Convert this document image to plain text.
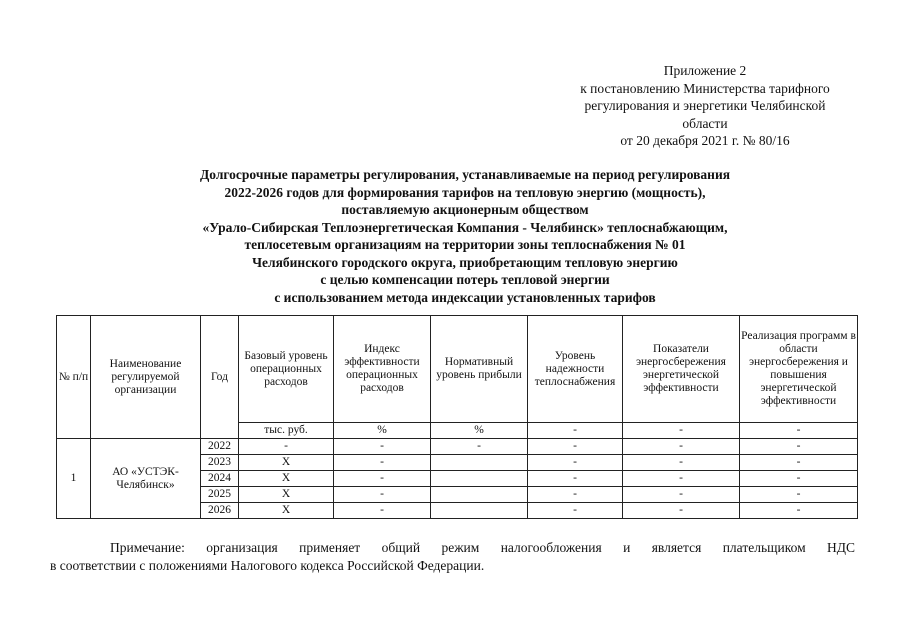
Приложение 2
к постановлению Министерства тарифного
регулирования и энергетики Челябинской
области
от 20 декабря 2021 г. № 80/16
Долгосрочные параметры регулирования, устанавливаемые на период регулирования
2022-2026 годов для формирования тарифов на тепловую энергию (мощность),
поставляемую акционерным обществом
«Урало-Сибирская Теплоэнергетическая Компания - Челябинск» теплоснабжающим,
теплосетевым организациям на территории зоны теплоснабжения № 01
Челябинского городского округа, приобретающим тепловую энергию
с целью компенсации потерь тепловой энергии
с использованием метода индексации установленных тарифов
№ п/п	Наименование регулируемой организации	Год	Базовый уровень операционных расходов	Индекс эффективности операционных расходов	Нормативный уровень прибыли	Уровень надежности теплоснабжения	Показатели энергосбережения энергетической эффективности	Реализация программ в области энергосбережения и повышения энергетической эффективности
			тыс. руб.	%	%	-	-	-
1	АО «УСТЭК-Челябинск»	2022	-	-	-	-	-	-
		2023	X	-		-	-	-
		2024	X	-		-	-	-
		2025	X	-		-	-	-
		2026	X	-		-	-	-
Примечание: организация применяет общий режим налогообложения и является плательщиком НДС
в соответствии с положениями Налогового кодекса Российской Федерации.
